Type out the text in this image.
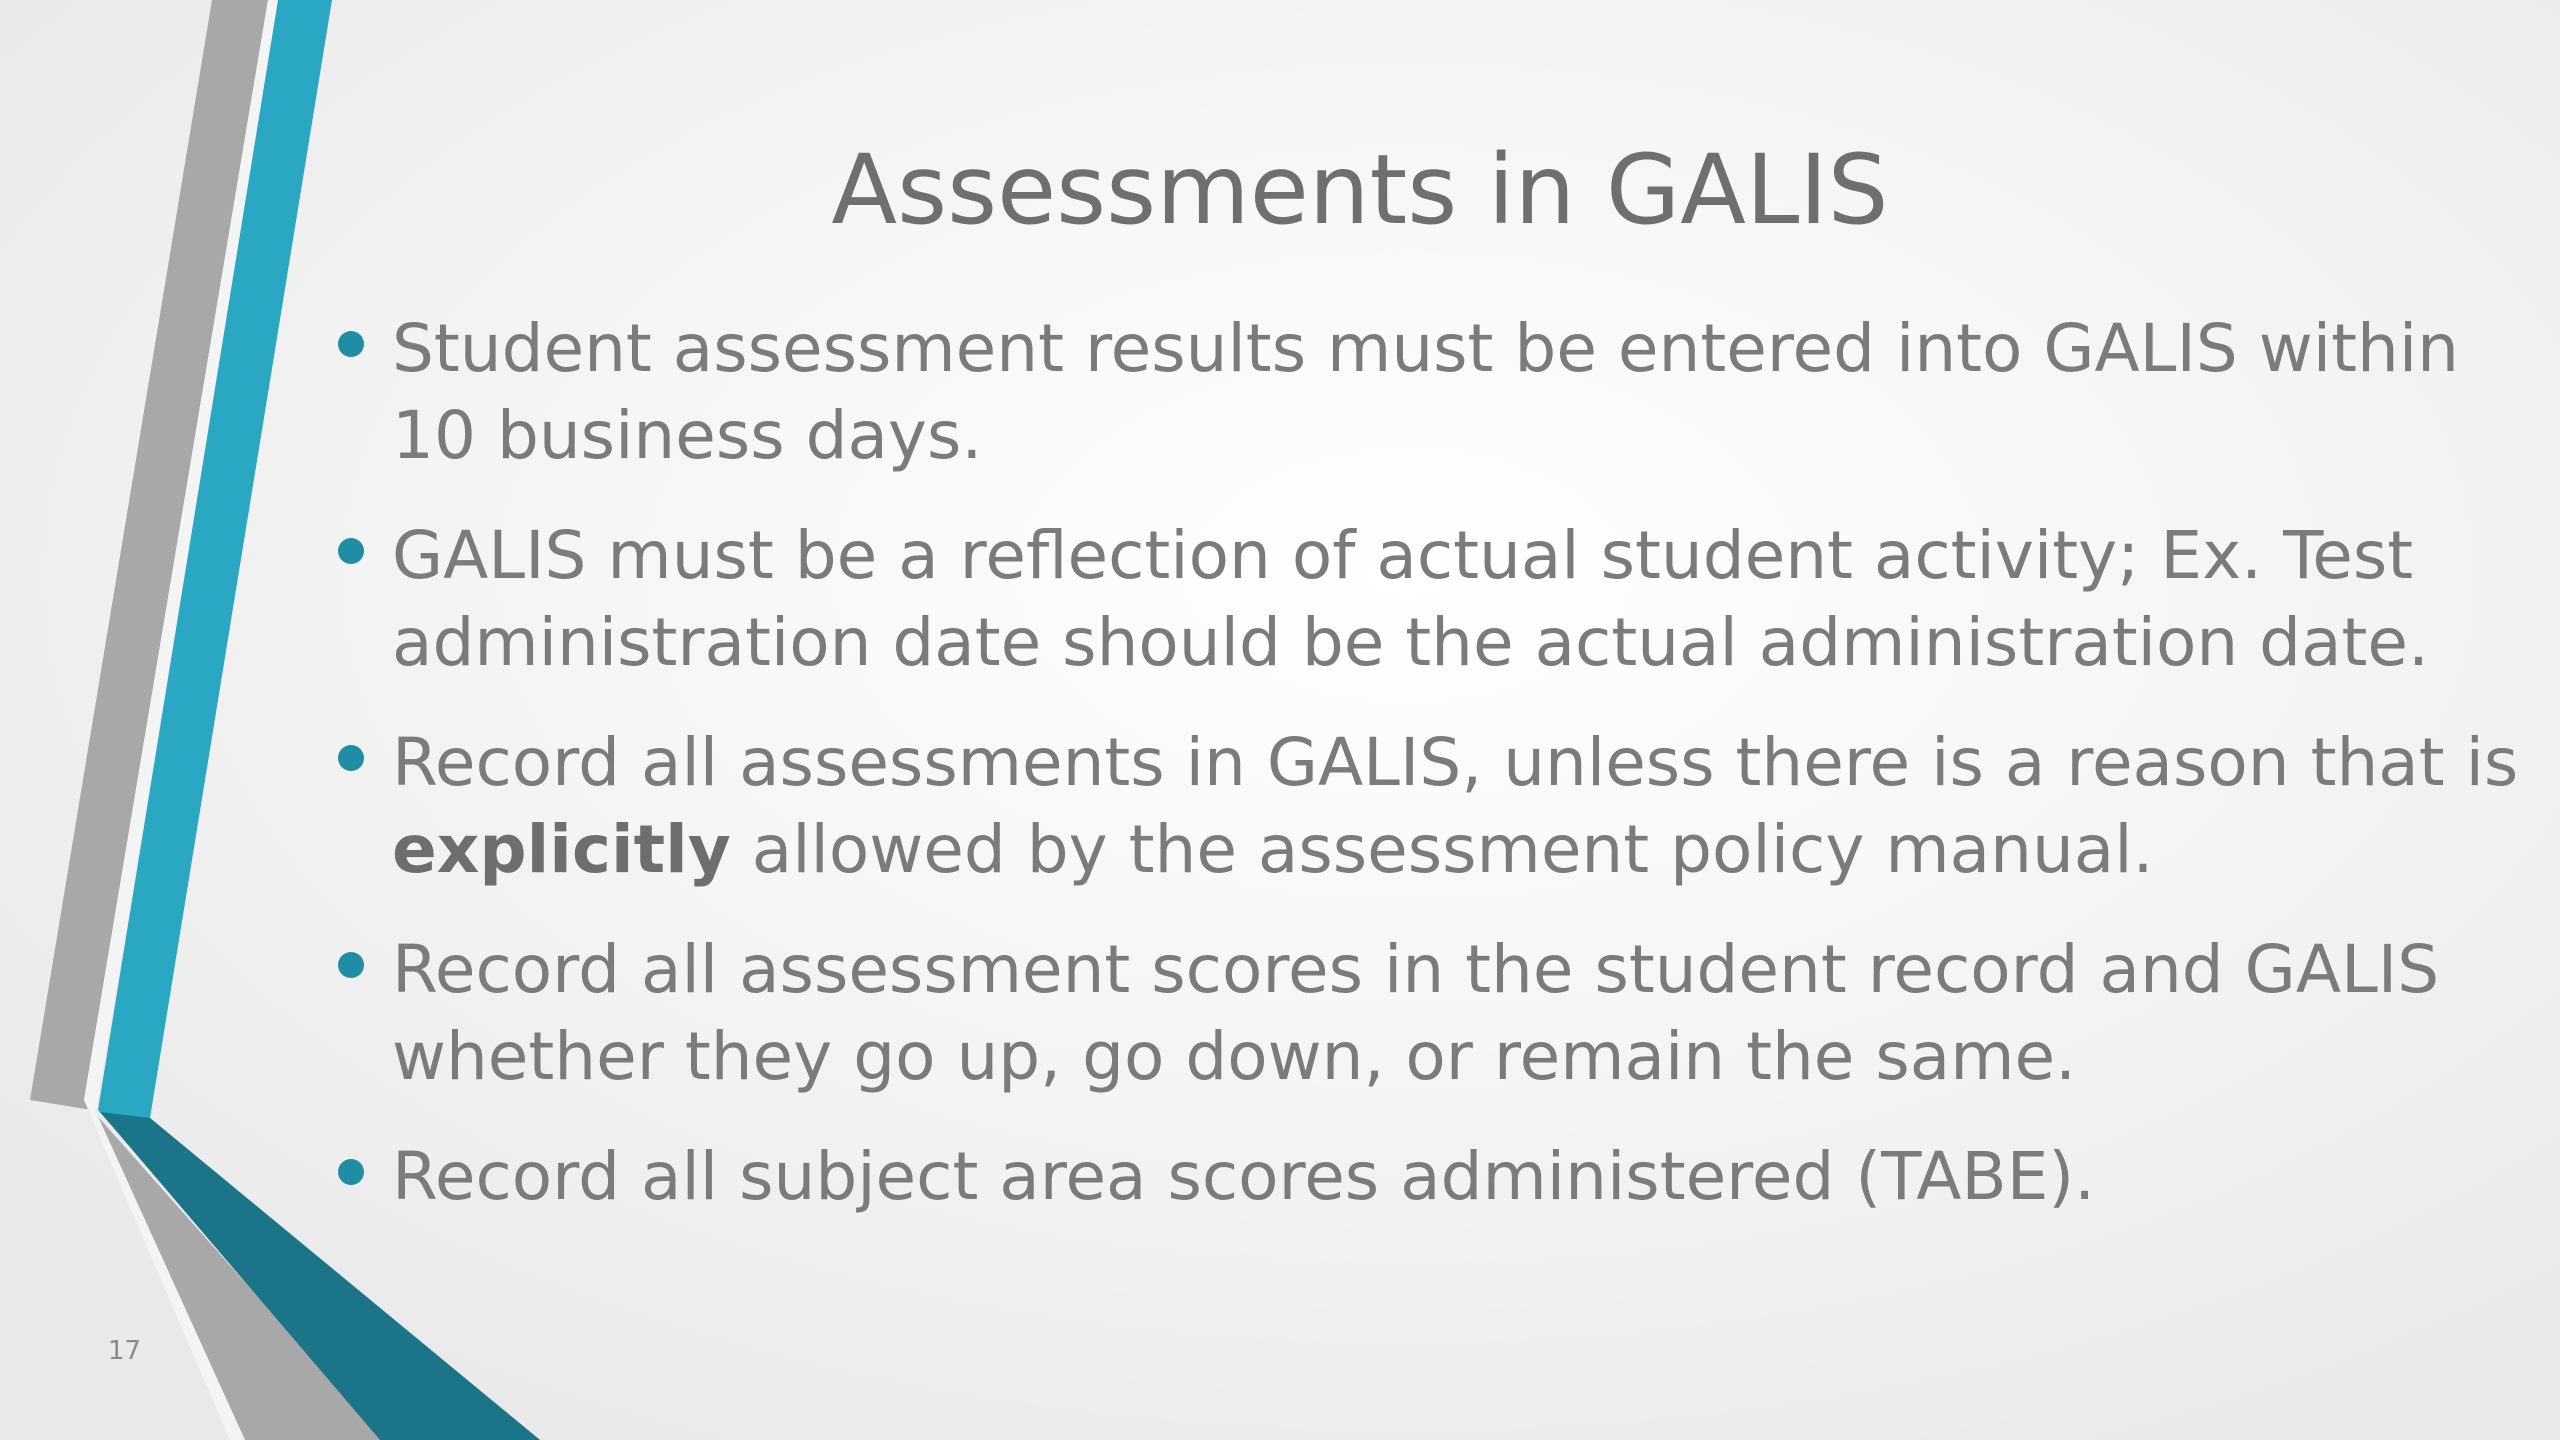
Assessments in GALIS
Student assessment results must be entered into GALIS within 10 business days.
GALIS must be a reflection of actual student activity; Ex. Test administration date should be the actual administration date.
Record all assessments in GALIS, unless there is a reason that is explicitly allowed by the assessment policy manual.
Record all assessment scores in the student record and GALIS whether they go up, go down, or remain the same.
Record all subject area scores administered (TABE).
17
